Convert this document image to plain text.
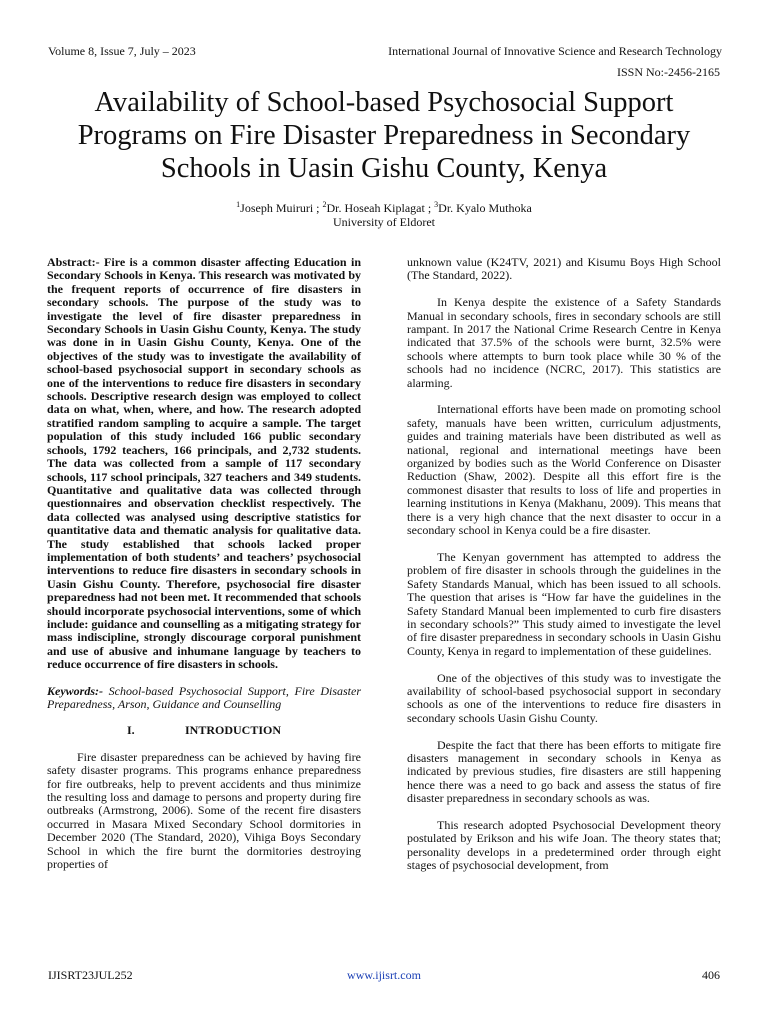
Volume 8, Issue 7, July – 2023	International Journal of Innovative Science and Research Technology
ISSN No:-2456-2165
Availability of School-based Psychosocial Support Programs on Fire Disaster Preparedness in Secondary Schools in Uasin Gishu County, Kenya
$^1$Joseph Muiruri ; $^2$Dr. Hoseah Kiplagat ; $^3$Dr. Kyalo Muthoka
University of Eldoret

Abstract:- Fire is a common disaster affecting Education in Secondary Schools in Kenya. This research was motivated by the frequent reports of occurrence of fire disasters in secondary schools. The purpose of the study was to investigate the level of fire disaster preparedness in Secondary Schools in Uasin Gishu County, Kenya. The study was done in in Uasin Gishu County, Kenya. One of the objectives of the study was to investigate the availability of school-based psychosocial support in secondary schools as one of the interventions to reduce fire disasters in secondary schools. Descriptive research design was employed to collect data on what, when, where, and how. The research adopted stratified random sampling to acquire a sample. The target population of this study included 166 public secondary schools, 1792 teachers, 166 principals, and 2,732 students. The data was collected from a sample of 117 secondary schools, 117 school principals, 327 teachers and 349 students. Quantitative and qualitative data was collected through questionnaires and observation checklist respectively. The data collected was analysed using descriptive statistics for quantitative data and thematic analysis for qualitative data. The study established that schools lacked proper implementation of both students’ and teachers’ psychosocial interventions to reduce fire disasters in secondary schools in Uasin Gishu County. Therefore, psychosocial fire disaster preparedness had not been met. It recommended that schools should incorporate psychosocial interventions, some of which include: guidance and counselling as a mitigating strategy for mass indiscipline, strongly discourage corporal punishment and use of abusive and inhumane language by teachers to reduce occurrence of fire disasters in schools.

Keywords:- School-based Psychosocial Support, Fire Disaster Preparedness, Arson, Guidance and Counselling

I.	INTRODUCTION

Fire disaster preparedness can be achieved by having fire safety disaster programs. This programs enhance preparedness for fire outbreaks, help to prevent accidents and thus minimize the resulting loss and damage to persons and property during fire outbreaks (Armstrong, 2006). Some of the recent fire disasters occurred in Masara Mixed Secondary School dormitories in December 2020 (The Standard, 2020), Vihiga Boys Secondary School in which the fire burnt the dormitories destroying properties of

unknown value (K24TV, 2021) and Kisumu Boys High School (The Standard, 2022).

In Kenya despite the existence of a Safety Standards Manual in secondary schools, fires in secondary schools are still rampant. In 2017 the National Crime Research Centre in Kenya indicated that 37.5% of the schools were burnt, 32.5% were schools where attempts to burn took place while 30 % of the schools had no incidence (NCRC, 2017). This statistics are alarming.

International efforts have been made on promoting school safety, manuals have been written, curriculum adjustments, guides and training materials have been distributed as well as national, regional and international meetings have been organized by bodies such as the World Conference on Disaster Reduction (Shaw, 2002). Despite all this effort fire is the commonest disaster that results to loss of life and properties in learning institutions in Kenya (Makhanu, 2009). This means that there is a very high chance that the next disaster to occur in a secondary school in Kenya could be a fire disaster.

The Kenyan government has attempted to address the problem of fire disaster in schools through the guidelines in the Safety Standards Manual, which has been issued to all schools. The question that arises is “How far have the guidelines in the Safety Standard Manual been implemented to curb fire disasters in secondary schools?” This study aimed to investigate the level of fire disaster preparedness in secondary schools in Uasin Gishu County, Kenya in regard to implementation of these guidelines.

One of the objectives of this study was to investigate the availability of school-based psychosocial support in secondary schools as one of the interventions to reduce fire disasters in secondary schools Uasin Gishu County.

Despite the fact that there has been efforts to mitigate fire disasters management in secondary schools in Kenya as indicated by previous studies, fire disasters are still happening hence there was a need to go back and assess the status of fire disaster preparedness in secondary schools as was.

This research adopted Psychosocial Development theory postulated by Erikson and his wife Joan. The theory states that; personality develops in a predetermined order through eight stages of psychosocial development, from

IJISRT23JUL252	www.ijisrt.com	406
